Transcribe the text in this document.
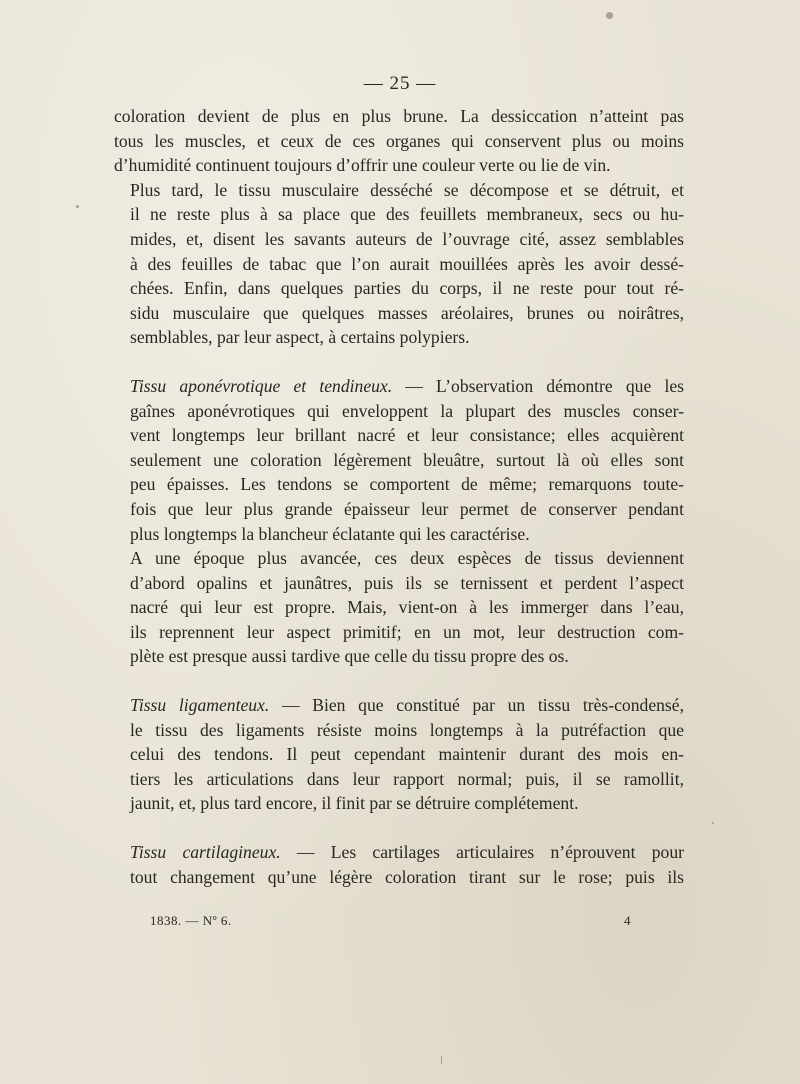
— 25 —

coloration devient de plus en plus brune. La dessiccation n’atteint pas
tous les muscles, et ceux de ces organes qui conservent plus ou moins
d’humidité continuent toujours d’offrir une couleur verte ou lie de vin.

Plus tard, le tissu musculaire desséché se décompose et se détruit, et
il ne reste plus à sa place que des feuillets membraneux, secs ou hu-
mides, et, disent les savants auteurs de l’ouvrage cité, assez semblables
à des feuilles de tabac que l’on aurait mouillées après les avoir dessé-
chées. Enfin, dans quelques parties du corps, il ne reste pour tout ré-
sidu musculaire que quelques masses aréolaires, brunes ou noirâtres,
semblables, par leur aspect, à certains polypiers.

Tissu aponévrotique et tendineux. — L’observation démontre que les
gaînes aponévrotiques qui enveloppent la plupart des muscles conser-
vent longtemps leur brillant nacré et leur consistance; elles acquièrent
seulement une coloration légèrement bleuâtre, surtout là où elles sont
peu épaisses. Les tendons se comportent de même; remarquons toute-
fois que leur plus grande épaisseur leur permet de conserver pendant
plus longtemps la blancheur éclatante qui les caractérise.

A une époque plus avancée, ces deux espèces de tissus deviennent
d’abord opalins et jaunâtres, puis ils se ternissent et perdent l’aspect
nacré qui leur est propre. Mais, vient-on à les immerger dans l’eau,
ils reprennent leur aspect primitif; en un mot, leur destruction com-
plète est presque aussi tardive que celle du tissu propre des os.

Tissu ligamenteux. — Bien que constitué par un tissu très-condensé,
le tissu des ligaments résiste moins longtemps à la putréfaction que
celui des tendons. Il peut cependant maintenir durant des mois en-
tiers les articulations dans leur rapport normal; puis, il se ramollit,
jaunit, et, plus tard encore, il finit par se détruire complétement.

Tissu cartilagineux. — Les cartilages articulaires n’éprouvent pour
tout changement qu’une légère coloration tirant sur le rose; puis ils

1838. — Nº 6.	4
